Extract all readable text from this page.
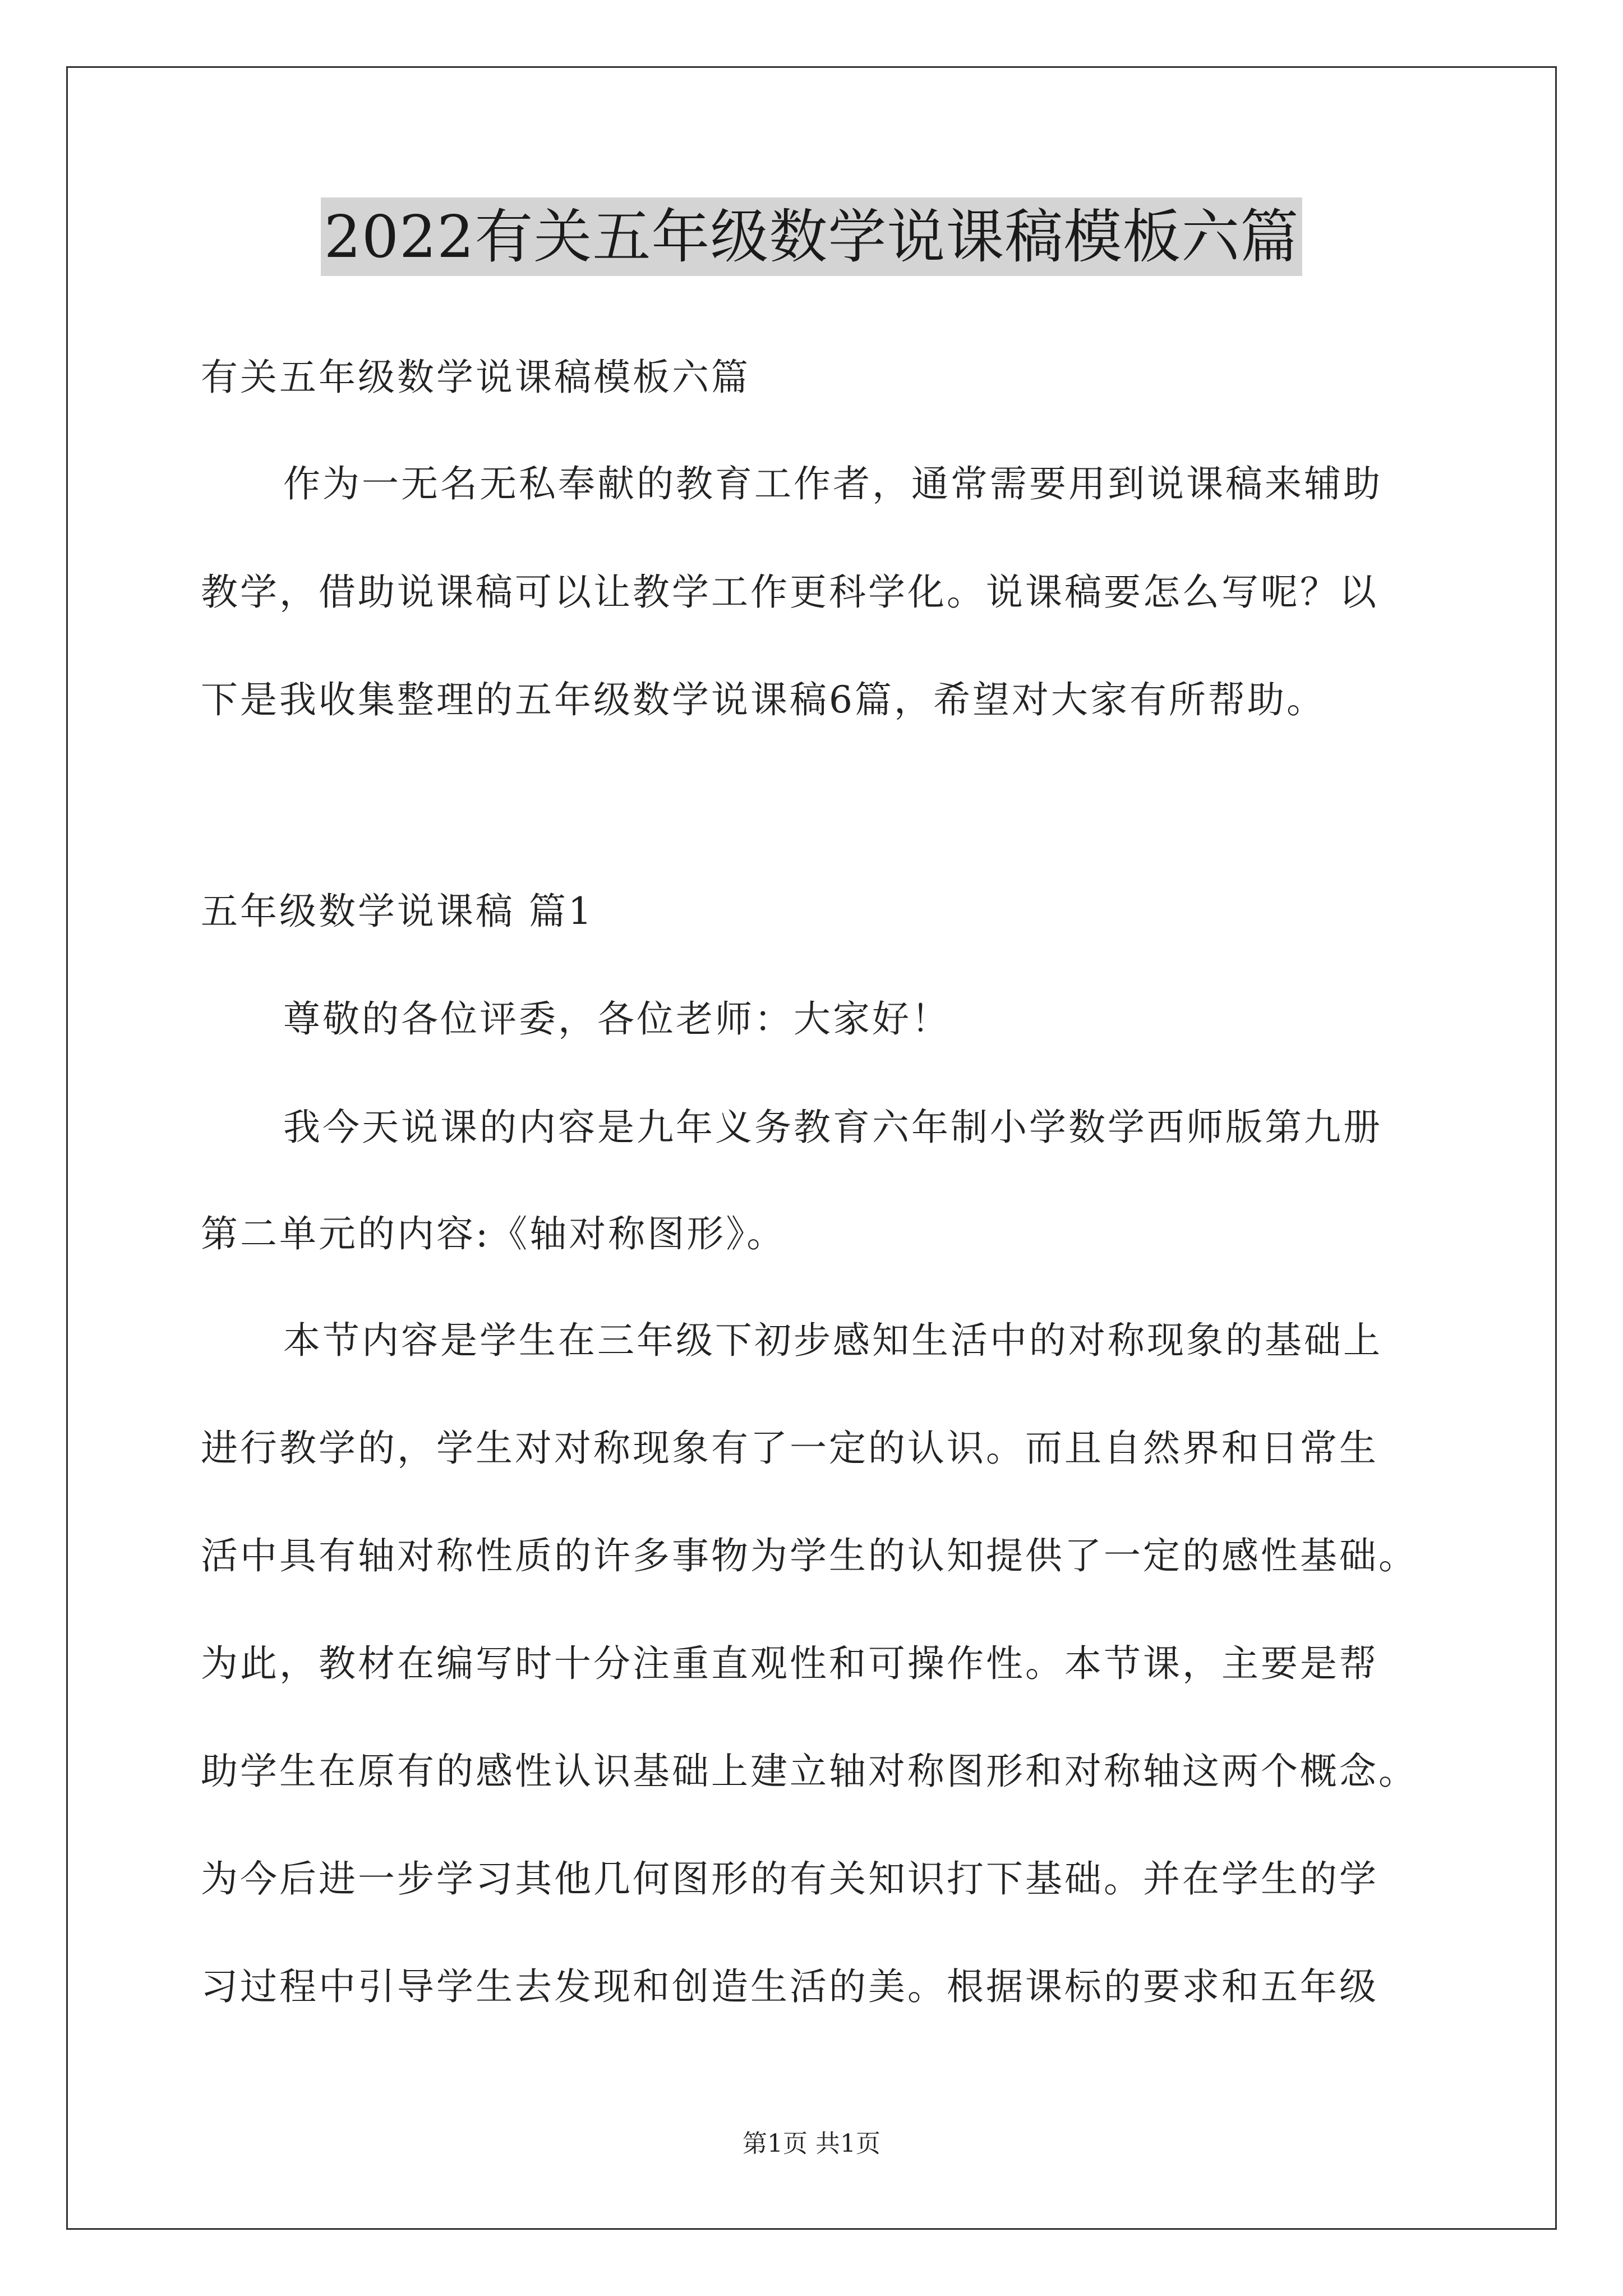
2022有关五年级数学说课稿模板六篇
有关五年级数学说课稿模板六篇
作为一无名无私奉献的教育工作者，通常需要用到说课稿来辅助
教学，借助说课稿可以让教学工作更科学化。说课稿要怎么写呢？以
下是我收集整理的五年级数学说课稿6篇，希望对大家有所帮助。
五年级数学说课稿 篇1
尊敬的各位评委，各位老师：大家好！
我今天说课的内容是九年义务教育六年制小学数学西师版第九册
第二单元的内容:《轴对称图形》。
本节内容是学生在三年级下初步感知生活中的对称现象的基础上
进行教学的，学生对对称现象有了一定的认识。而且自然界和日常生
活中具有轴对称性质的许多事物为学生的认知提供了一定的感性基础。
为此，教材在编写时十分注重直观性和可操作性。本节课，主要是帮
助学生在原有的感性认识基础上建立轴对称图形和对称轴这两个概念。
为今后进一步学习其他几何图形的有关知识打下基础。并在学生的学
习过程中引导学生去发现和创造生活的美。根据课标的要求和五年级
第1页 共1页
